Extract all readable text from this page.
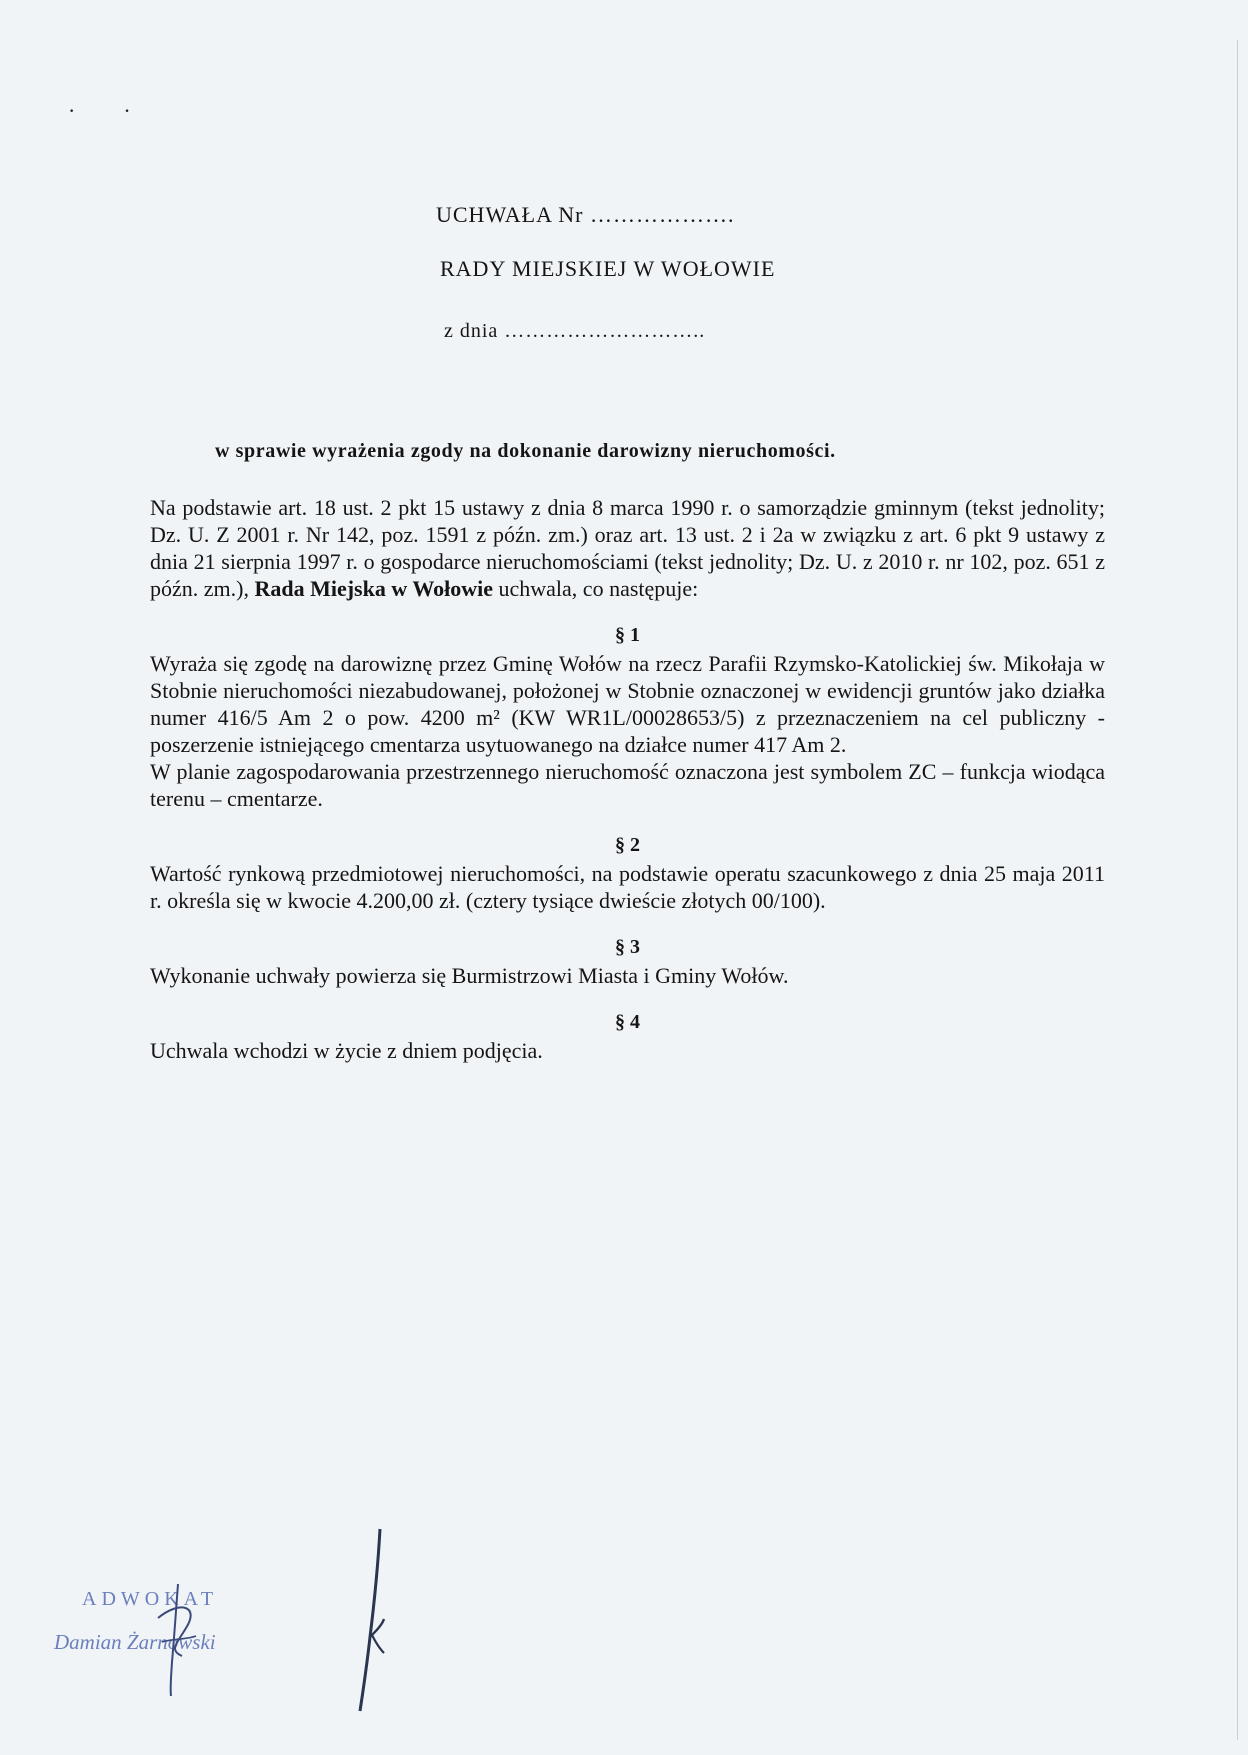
··
UCHWAŁA Nr ……………….
RADY MIEJSKIEJ W WOŁOWIE
z dnia ………………………..
w sprawie wyrażenia zgody na dokonanie darowizny nieruchomości.

Na podstawie art. 18 ust. 2 pkt 15 ustawy z dnia 8 marca 1990 r. o samorządzie gminnym (tekst jednolity; Dz. U. Z 2001 r. Nr 142, poz. 1591 z późn. zm.) oraz art. 13 ust. 2 i 2a w związku z art. 6 pkt 9 ustawy z dnia 21 sierpnia 1997 r. o gospodarce nieruchomościami (tekst jednolity; Dz. U. z 2010 r. nr 102, poz. 651 z późn. zm.), Rada Miejska w Wołowie uchwala, co następuje:

§ 1

Wyraża się zgodę na darowiznę przez Gminę Wołów na rzecz Parafii Rzymsko-Katolickiej św. Mikołaja w Stobnie nieruchomości niezabudowanej, położonej w Stobnie oznaczonej w ewidencji gruntów jako działka numer 416/5 Am 2 o pow. 4200 m² (KW WR1L/00028653/5) z przeznaczeniem na cel publiczny - poszerzenie istniejącego cmentarza usytuowanego na działce numer 417 Am 2.

W planie zagospodarowania przestrzennego nieruchomość oznaczona jest symbolem ZC – funkcja wiodąca terenu – cmentarze.

§ 2

Wartość rynkową przedmiotowej nieruchomości, na podstawie operatu szacunkowego z dnia 25 maja 2011 r. określa się w kwocie 4.200,00 zł. (cztery tysiące dwieście złotych 00/100).

§ 3

Wykonanie uchwały powierza się Burmistrzowi Miasta i Gminy Wołów.

§ 4

Uchwala wchodzi w życie z dniem podjęcia.

ADWOKAT
Damian Żarnowski
